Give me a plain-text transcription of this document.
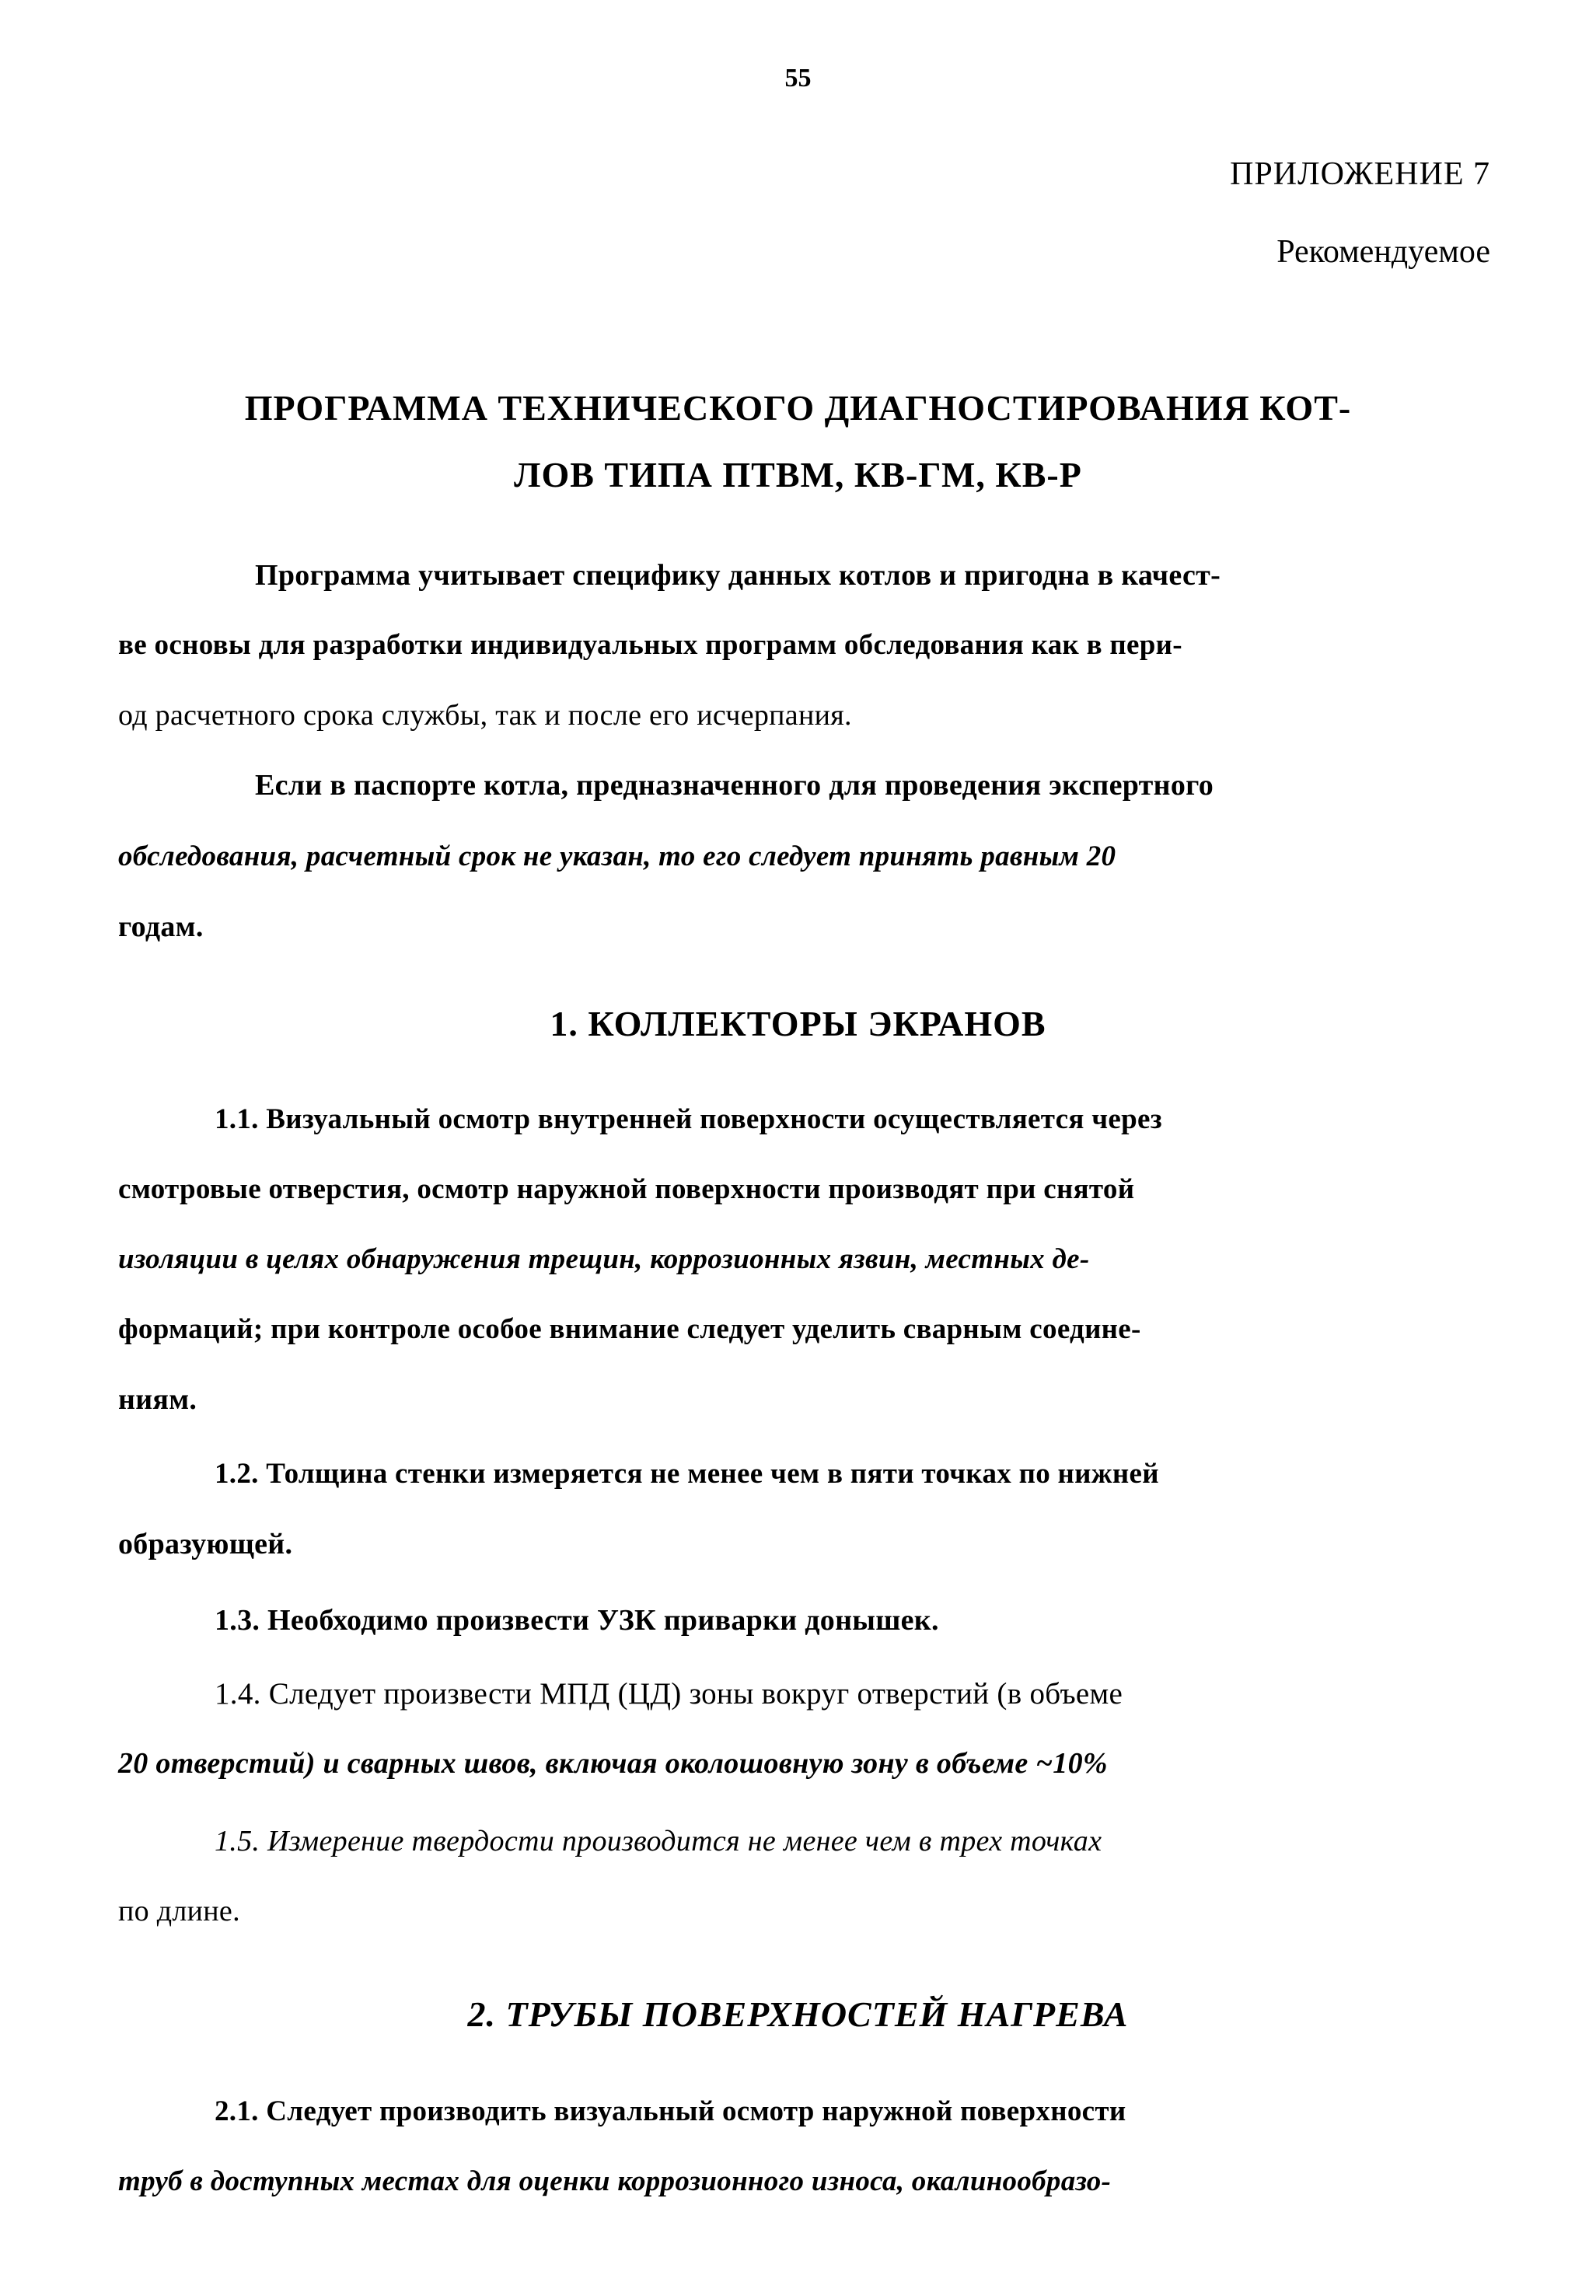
55
ПРИЛОЖЕНИЕ 7
Рекомендуемое
ПРОГРАММА ТЕХНИЧЕСКОГО ДИАГНОСТИРОВАНИЯ КОТ-
ЛОВ ТИПА ПТВМ, КВ-ГМ, КВ-Р
Программа учитывает специфику данных котлов и пригодна в качест-
ве основы для разработки индивидуальных программ обследования как в пери-
од расчетного срока службы, так и после его исчерпания.
Если в паспорте котла, предназначенного для проведения экспертного
обследования, расчетный срок не указан, то его следует принять равным 20
годам.
1. КОЛЛЕКТОРЫ ЭКРАНОВ
1.1. Визуальный осмотр внутренней поверхности осуществляется через
смотровые отверстия, осмотр наружной поверхности производят при снятой
изоляции в целях обнаружения трещин, коррозионных язвин, местных де-
формаций; при контроле особое внимание следует уделить сварным соедине-
ниям.
1.2. Толщина стенки измеряется не менее чем в пяти точках по нижней
образующей.
1.3. Необходимо произвести УЗК приварки донышек.
1.4. Следует произвести МПД (ЦД) зоны вокруг отверстий (в объеме
20 отверстий) и сварных швов, включая околошовную зону в объеме ~10%
1.5. Измерение твердости производится не менее чем в трех точках
по длине.
2. ТРУБЫ ПОВЕРХНОСТЕЙ НАГРЕВА
2.1. Следует производить визуальный осмотр наружной поверхности
труб в доступных местах для оценки коррозионного износа, окалинообразо-
